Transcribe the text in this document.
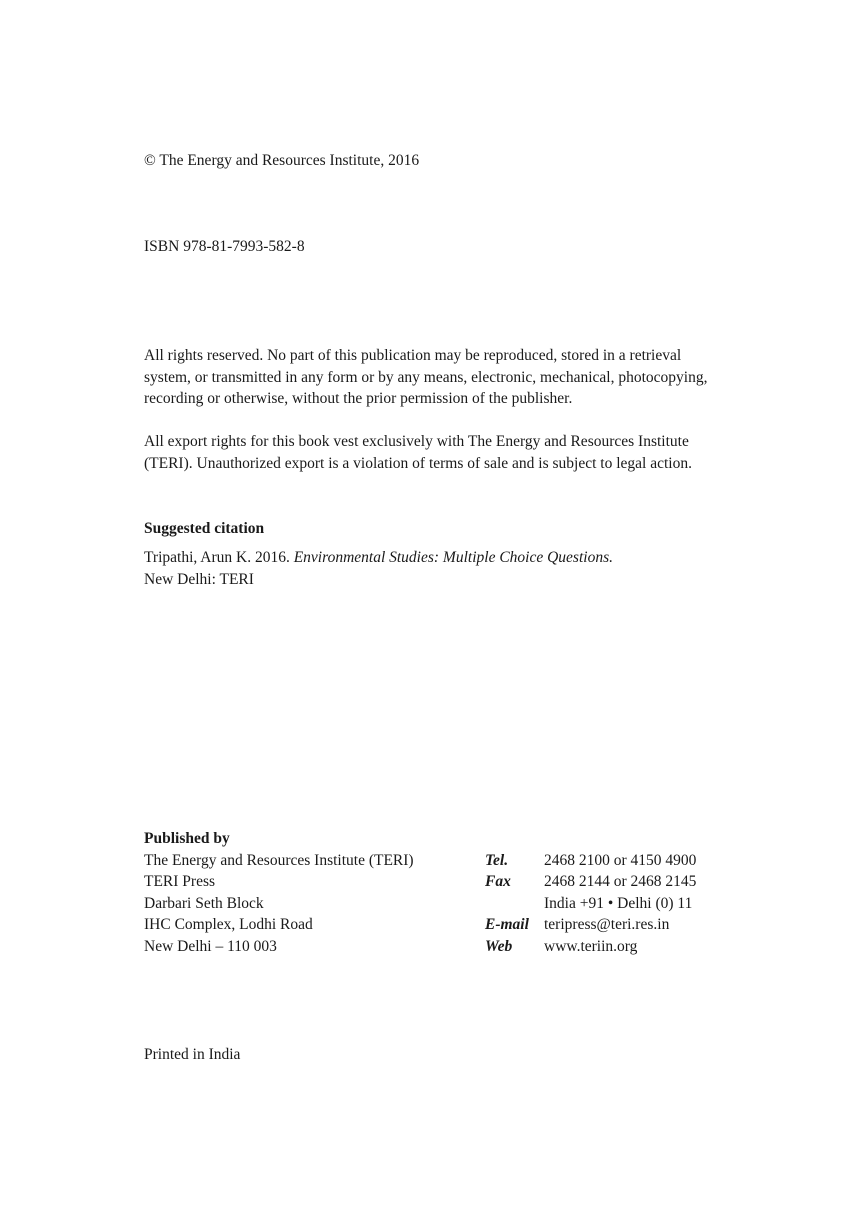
© The Energy and Resources Institute, 2016
ISBN 978-81-7993-582-8

All rights reserved. No part of this publication may be reproduced, stored in a retrieval

system, or transmitted in any form or by any means, electronic, mechanical, photocopying,

recording or otherwise, without the prior permission of the publisher.

All export rights for this book vest exclusively with The Energy and Resources Institute

(TERI). Unauthorized export is a violation of terms of sale and is subject to legal action.

Suggested citation
Tripathi, Arun K. 2016. Environmental Studies: Multiple Choice Questions.
New Delhi: TERI
Published by
The Energy and Resources Institute (TERI)	Tel. 2468 2100 or 4150 4900
TERI Press	Fax 2468 2144 or 2468 2145
Darbari Seth Block	India +91 • Delhi (0) 11
IHC Complex, Lodhi Road	E-mail teripress@teri.res.in
New Delhi – 110 003	Web www.teriin.org
Printed in India
